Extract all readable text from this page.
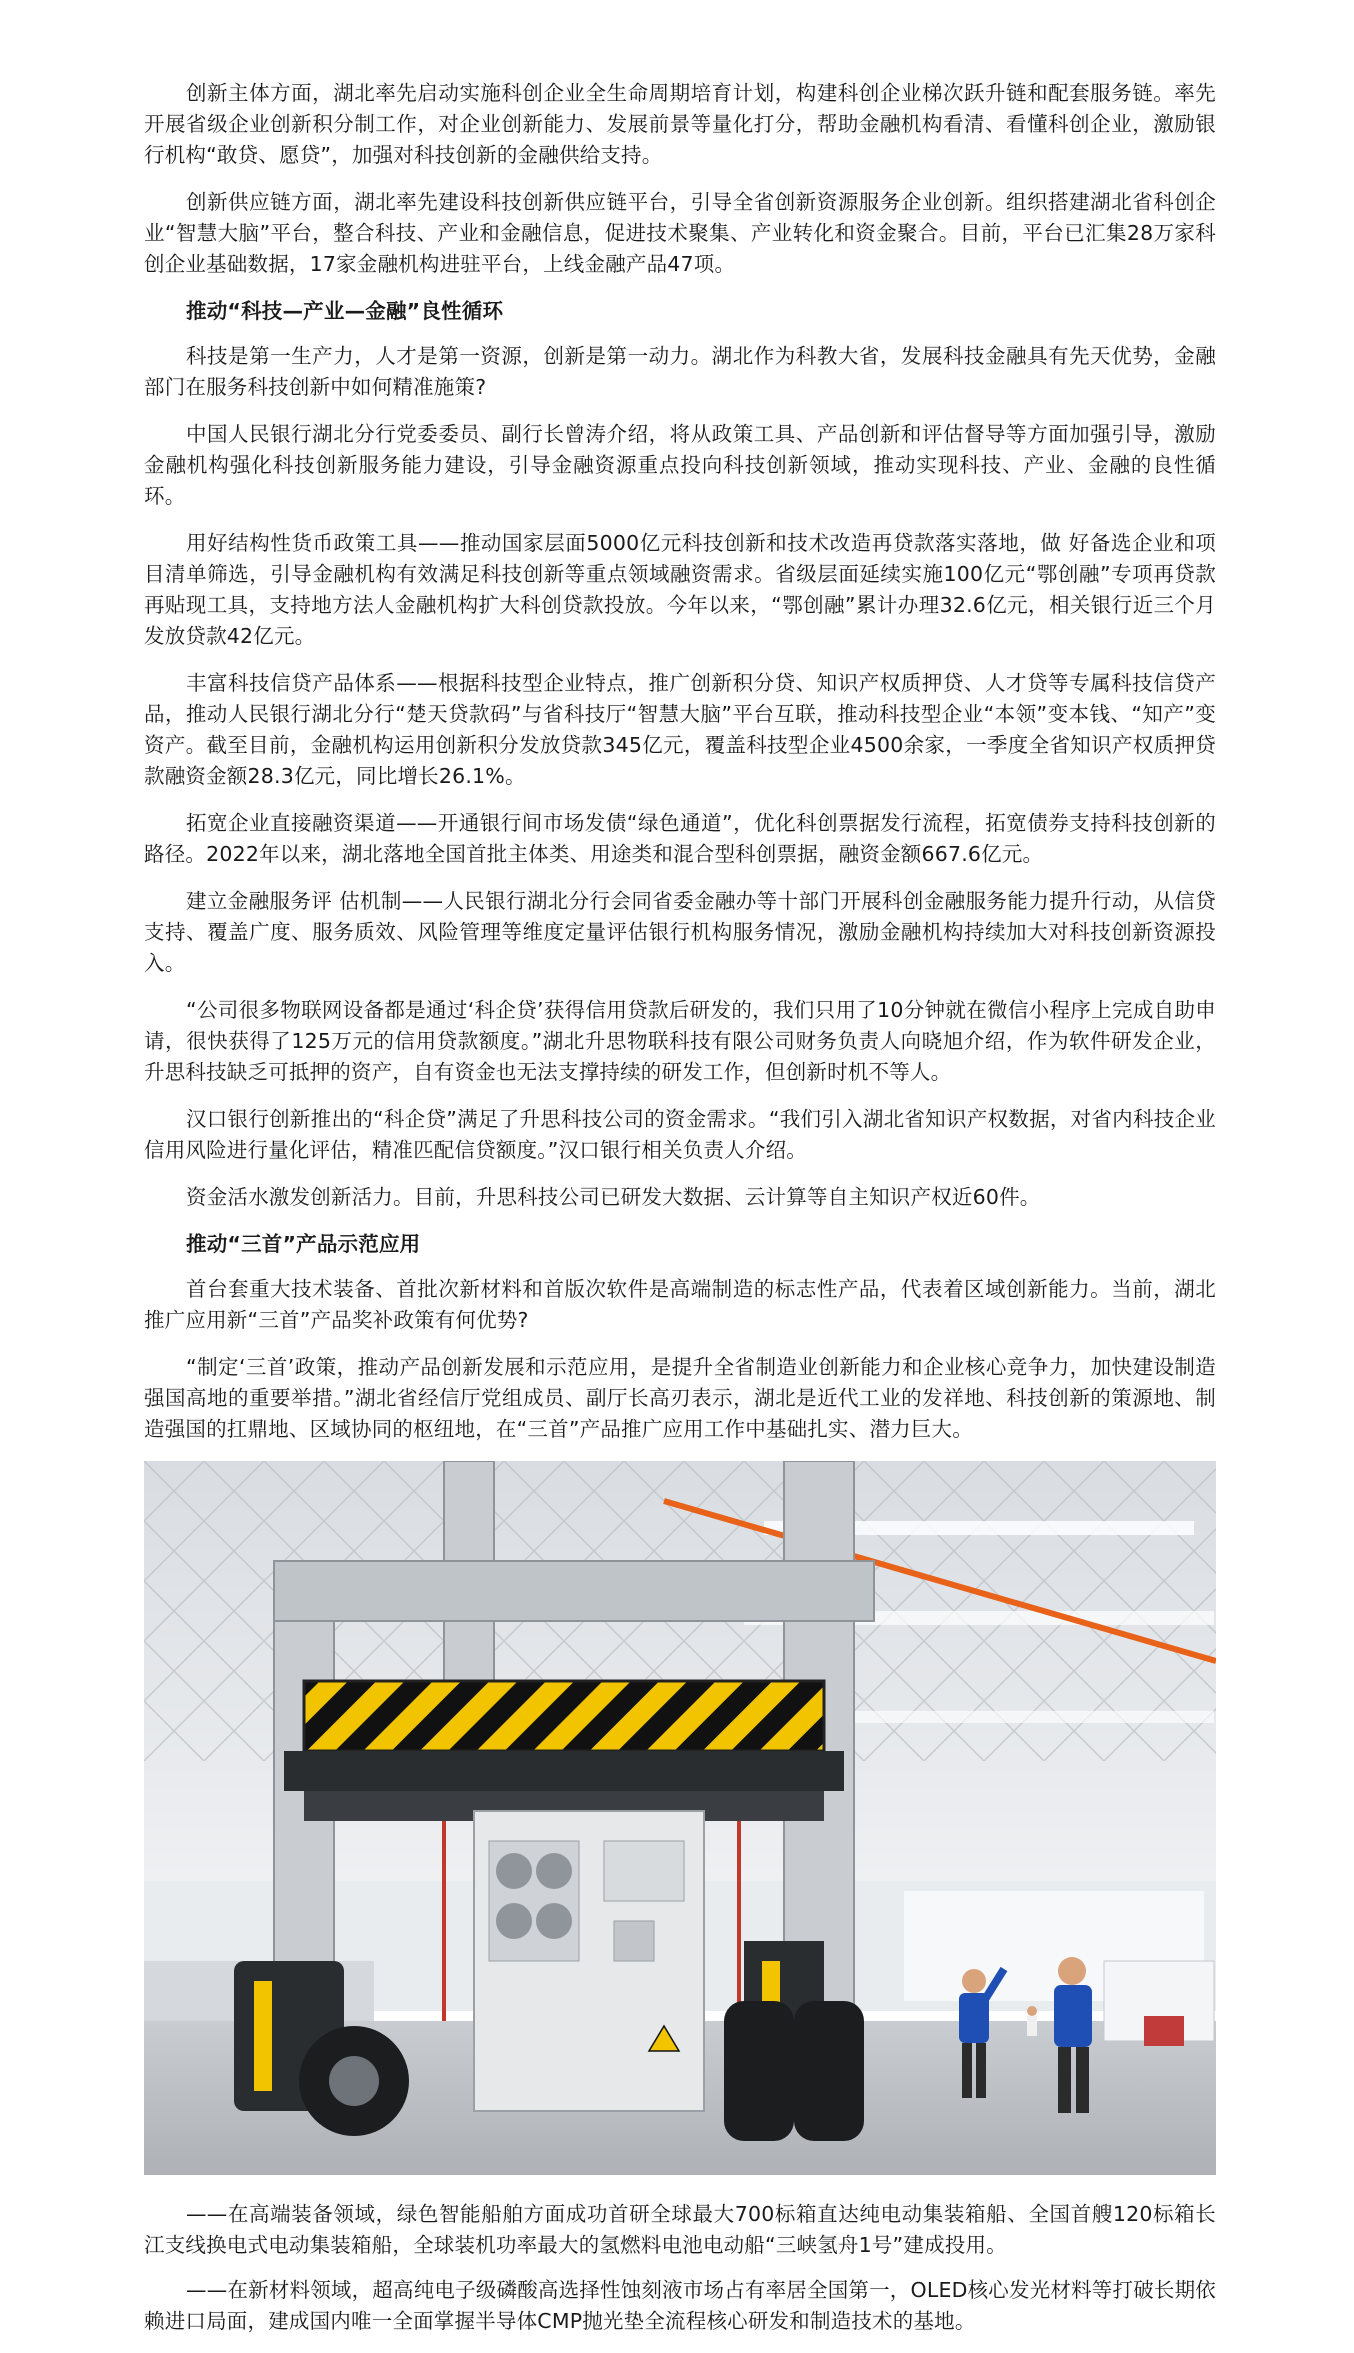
创新主体方面，湖北率先启动实施科创企业全生命周期培育计划，构建科创企业梯次跃升链和配套服务链。率先开展省级企业创新积分制工作，对企业创新能力、发展前景等量化打分，帮助金融机构看清、看懂科创企业，激励银行机构“敢贷、愿贷”，加强对科技创新的金融供给支持。

创新供应链方面，湖北率先建设科技创新供应链平台，引导全省创新资源服务企业创新。组织搭建湖北省科创企业“智慧大脑”平台，整合科技、产业和金融信息，促进技术聚集、产业转化和资金聚合。目前，平台已汇集28万家科创企业基础数据，17家金融机构进驻平台，上线金融产品47项。

推动“科技—产业—金融”良性循环

科技是第一生产力，人才是第一资源，创新是第一动力。湖北作为科教大省，发展科技金融具有先天优势，金融部门在服务科技创新中如何精准施策?

中国人民银行湖北分行党委委员、副行长曾涛介绍，将从政策工具、产品创新和评估督导等方面加强引导，激励金融机构强化科技创新服务能力建设，引导金融资源重点投向科技创新领域，推动实现科技、产业、金融的良性循环。

用好结构性货币政策工具——推动国家层面5000亿元科技创新和技术改造再贷款落实落地，做 好备选企业和项目清单筛选，引导金融机构有效满足科技创新等重点领域融资需求。省级层面延续实施100亿元“鄂创融”专项再贷款再贴现工具，支持地方法人金融机构扩大科创贷款投放。今年以来，“鄂创融”累计办理32.6亿元，相关银行近三个月发放贷款42亿元。

丰富科技信贷产品体系——根据科技型企业特点，推广创新积分贷、知识产权质押贷、人才贷等专属科技信贷产品，推动人民银行湖北分行“楚天贷款码”与省科技厅“智慧大脑”平台互联，推动科技型企业“本领”变本钱、“知产”变资产。截至目前，金融机构运用创新积分发放贷款345亿元，覆盖科技型企业4500余家，一季度全省知识产权质押贷款融资金额28.3亿元，同比增长26.1%。

拓宽企业直接融资渠道——开通银行间市场发债“绿色通道”，优化科创票据发行流程，拓宽债券支持科技创新的路径。2022年以来，湖北落地全国首批主体类、用途类和混合型科创票据，融资金额667.6亿元。

建立金融服务评 估机制——人民银行湖北分行会同省委金融办等十部门开展科创金融服务能力提升行动，从信贷支持、覆盖广度、服务质效、风险管理等维度定量评估银行机构服务情况，激励金融机构持续加大对科技创新资源投入。

“公司很多物联网设备都是通过‘科企贷’获得信用贷款后研发的，我们只用了10分钟就在微信小程序上完成自助申请，很快获得了125万元的信用贷款额度。”湖北升思物联科技有限公司财务负责人向晓旭介绍，作为软件研发企业，升思科技缺乏可抵押的资产，自有资金也无法支撑持续的研发工作，但创新时机不等人。

汉口银行创新推出的“科企贷”满足了升思科技公司的资金需求。“我们引入湖北省知识产权数据，对省内科技企业信用风险进行量化评估，精准匹配信贷额度。”汉口银行相关负责人介绍。

资金活水激发创新活力。目前，升思科技公司已研发大数据、云计算等自主知识产权近60件。

推动“三首”产品示范应用

首台套重大技术装备、首批次新材料和首版次软件是高端制造的标志性产品，代表着区域创新能力。当前，湖北推广应用新“三首”产品奖补政策有何优势?

“制定‘三首’政策，推动产品创新发展和示范应用，是提升全省制造业创新能力和企业核心竞争力，加快建设制造强国高地的重要举措。”湖北省经信厅党组成员、副厅长高刃表示，湖北是近代工业的发祥地、科技创新的策源地、制造强国的扛鼎地、区域协同的枢纽地，在“三首”产品推广应用工作中基础扎实、潜力巨大。

——在高端装备领域，绿色智能船舶方面成功首研全球最大700标箱直达纯电动集装箱船、全国首艘120标箱长江支线换电式电动集装箱船，全球装机功率最大的氢燃料电池电动船“三峡氢舟1号”建成投用。

——在新材料领域，超高纯电子级磷酸高选择性蚀刻液市场占有率居全国第一，OLED核心发光材料等打破长期依赖进口局面，建成国内唯一全面掌握半导体CMP抛光垫全流程核心研发和制造技术的基地。
